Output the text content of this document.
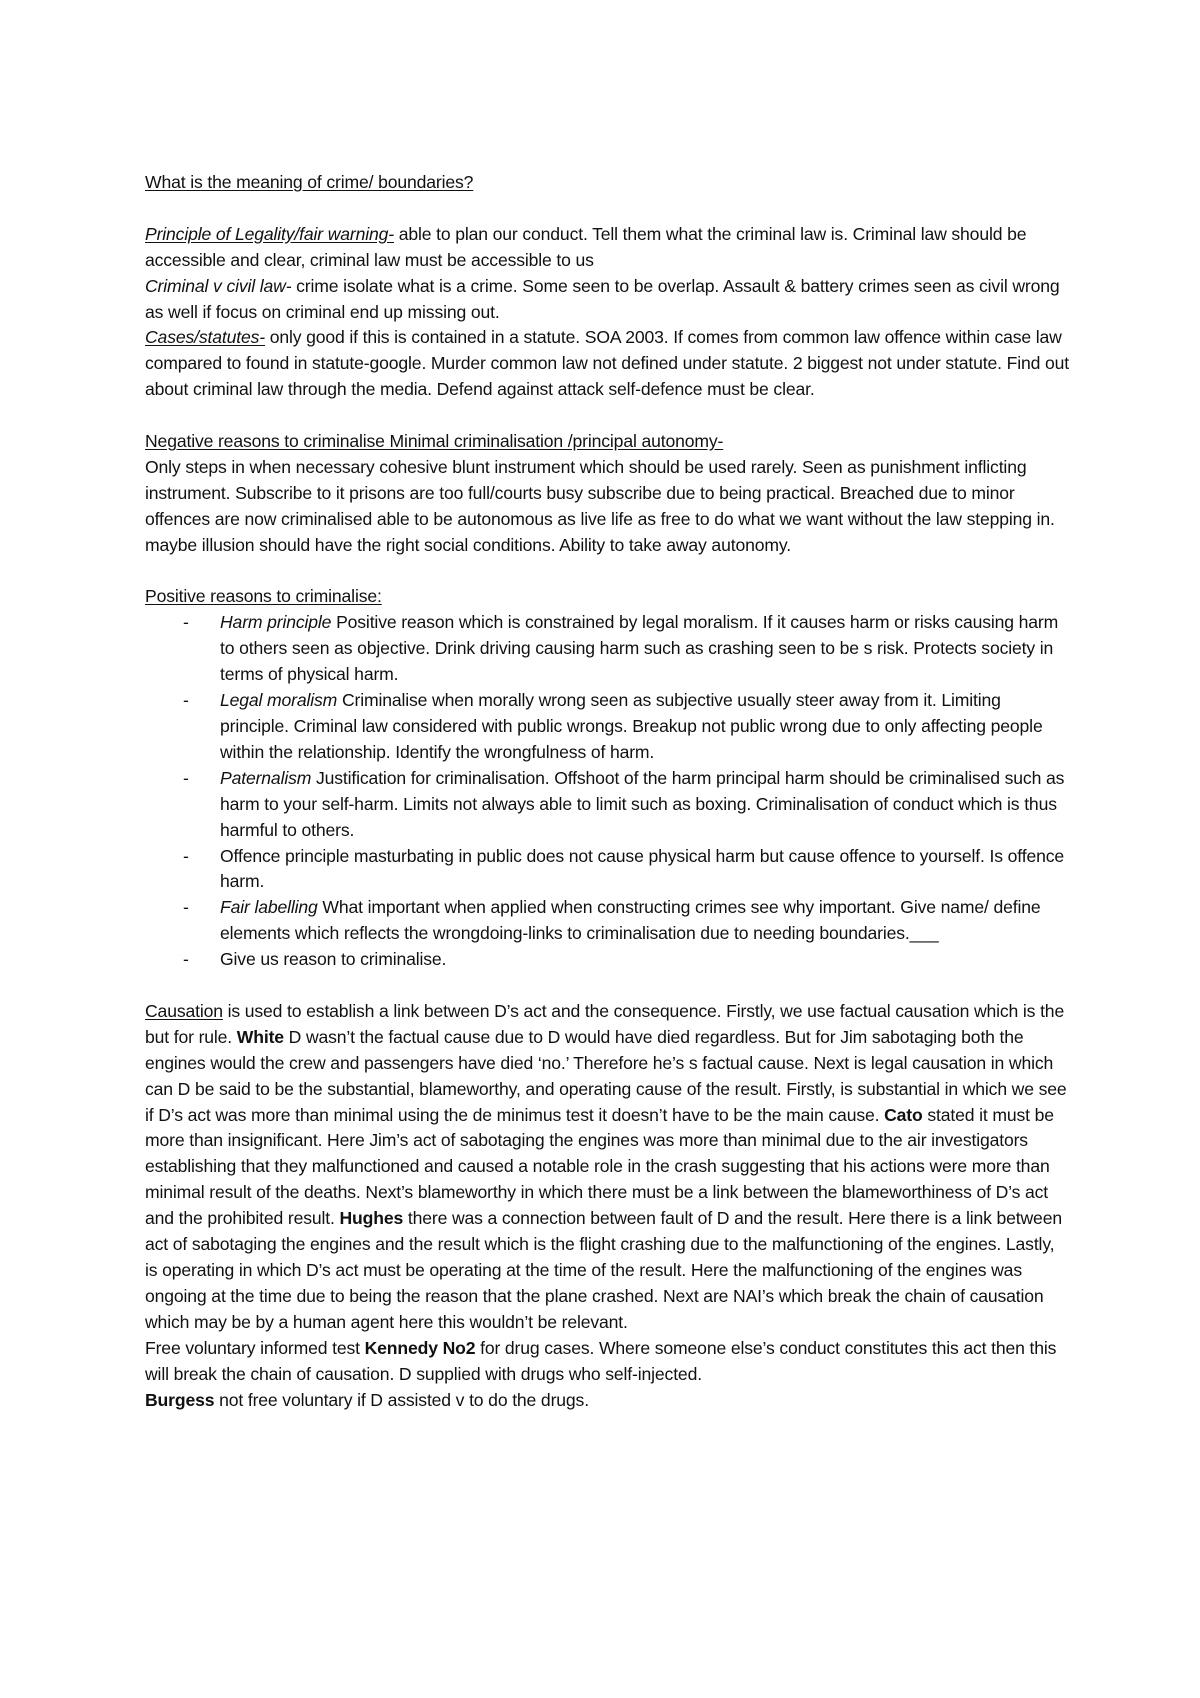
What is the meaning of crime/ boundaries?

Principle of Legality/fair warning- able to plan our conduct. Tell them what the criminal law is. Criminal law should be accessible and clear, criminal law must be accessible to us

Criminal v civil law- crime isolate what is a crime. Some seen to be overlap. Assault & battery crimes seen as civil wrong as well if focus on criminal end up missing out.

Cases/statutes- only good if this is contained in a statute. SOA 2003. If comes from common law offence within case law compared to found in statute-google. Murder common law not defined under statute. 2 biggest not under statute. Find out about criminal law through the media. Defend against attack self-defence must be clear.

Negative reasons to criminalise Minimal criminalisation /principal autonomy-

Only steps in when necessary cohesive blunt instrument which should be used rarely. Seen as punishment inflicting instrument. Subscribe to it prisons are too full/courts busy subscribe due to being practical. Breached due to minor offences are now criminalised able to be autonomous as live life as free to do what we want without the law stepping in. maybe illusion should have the right social conditions. Ability to take away autonomy.

Positive reasons to criminalise:

- Harm principle Positive reason which is constrained by legal moralism. If it causes harm or risks causing harm to others seen as objective. Drink driving causing harm such as crashing seen to be s risk. Protects society in terms of physical harm.
- Legal moralism Criminalise when morally wrong seen as subjective usually steer away from it. Limiting principle. Criminal law considered with public wrongs. Breakup not public wrong due to only affecting people within the relationship. Identify the wrongfulness of harm.
- Paternalism Justification for criminalisation. Offshoot of the harm principal harm should be criminalised such as harm to your self-harm. Limits not always able to limit such as boxing. Criminalisation of conduct which is thus harmful to others.
- Offence principle masturbating in public does not cause physical harm but cause offence to yourself. Is offence harm.
- Fair labelling What important when applied when constructing crimes see why important. Give name/ define elements which reflects the wrongdoing-links to criminalisation due to needing boundaries.___
- Give us reason to criminalise.

Causation is used to establish a link between D’s act and the consequence. Firstly, we use factual causation which is the but for rule. White D wasn’t the factual cause due to D would have died regardless. But for Jim sabotaging both the engines would the crew and passengers have died ‘no.’ Therefore he’s s factual cause. Next is legal causation in which can D be said to be the substantial, blameworthy, and operating cause of the result. Firstly, is substantial in which we see if D’s act was more than minimal using the de minimus test it doesn’t have to be the main cause. Cato stated it must be more than insignificant. Here Jim’s act of sabotaging the engines was more than minimal due to the air investigators establishing that they malfunctioned and caused a notable role in the crash suggesting that his actions were more than minimal result of the deaths. Next’s blameworthy in which there must be a link between the blameworthiness of D’s act and the prohibited result. Hughes there was a connection between fault of D and the result. Here there is a link between act of sabotaging the engines and the result which is the flight crashing due to the malfunctioning of the engines. Lastly, is operating in which D’s act must be operating at the time of the result. Here the malfunctioning of the engines was ongoing at the time due to being the reason that the plane crashed. Next are NAI’s which break the chain of causation which may be by a human agent here this wouldn’t be relevant.

Free voluntary informed test Kennedy No2 for drug cases. Where someone else’s conduct constitutes this act then this will break the chain of causation. D supplied with drugs who self-injected.

Burgess not free voluntary if D assisted v to do the drugs.
